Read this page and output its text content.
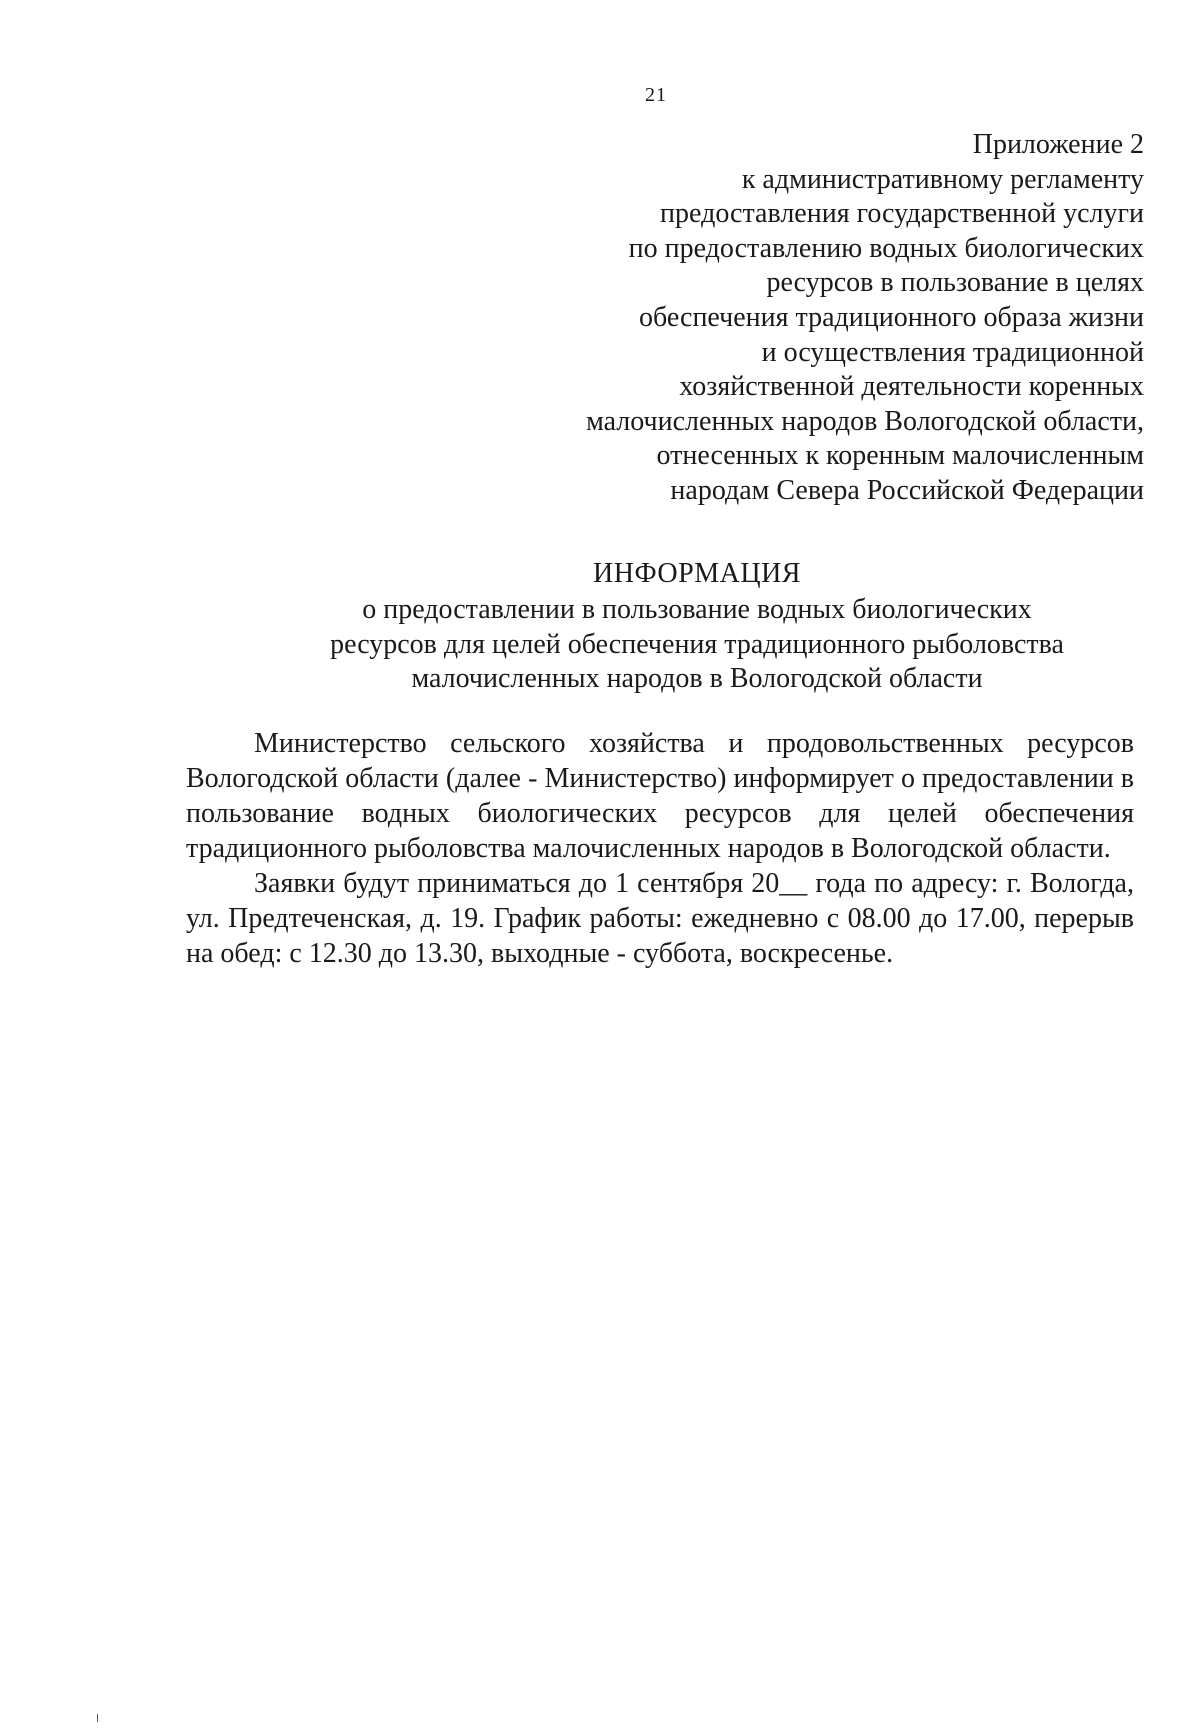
21
Приложение 2
к административному регламенту
предоставления государственной услуги
по предоставлению водных биологических
ресурсов в пользование в целях
обеспечения традиционного образа жизни
и осуществления традиционной
хозяйственной деятельности коренных
малочисленных народов Вологодской области,
отнесенных к коренным малочисленным
народам Севера Российской Федерации
ИНФОРМАЦИЯ
о предоставлении в пользование водных биологических
ресурсов для целей обеспечения традиционного рыболовства
малочисленных народов в Вологодской области

Министерство сельского хозяйства и продовольственных ресурсов Вологодской области (далее - Министерство) информирует о предоставлении в пользование водных биологических ресурсов для целей обеспечения традиционного рыболовства малочисленных народов в Вологодской области.

Заявки будут приниматься до 1 сентября 20__ года по адресу: г. Вологда, ул. Предтеченская, д. 19. График работы: ежедневно с 08.00 до 17.00, перерыв на обед: с 12.30 до 13.30, выходные - суббота, воскресенье.
